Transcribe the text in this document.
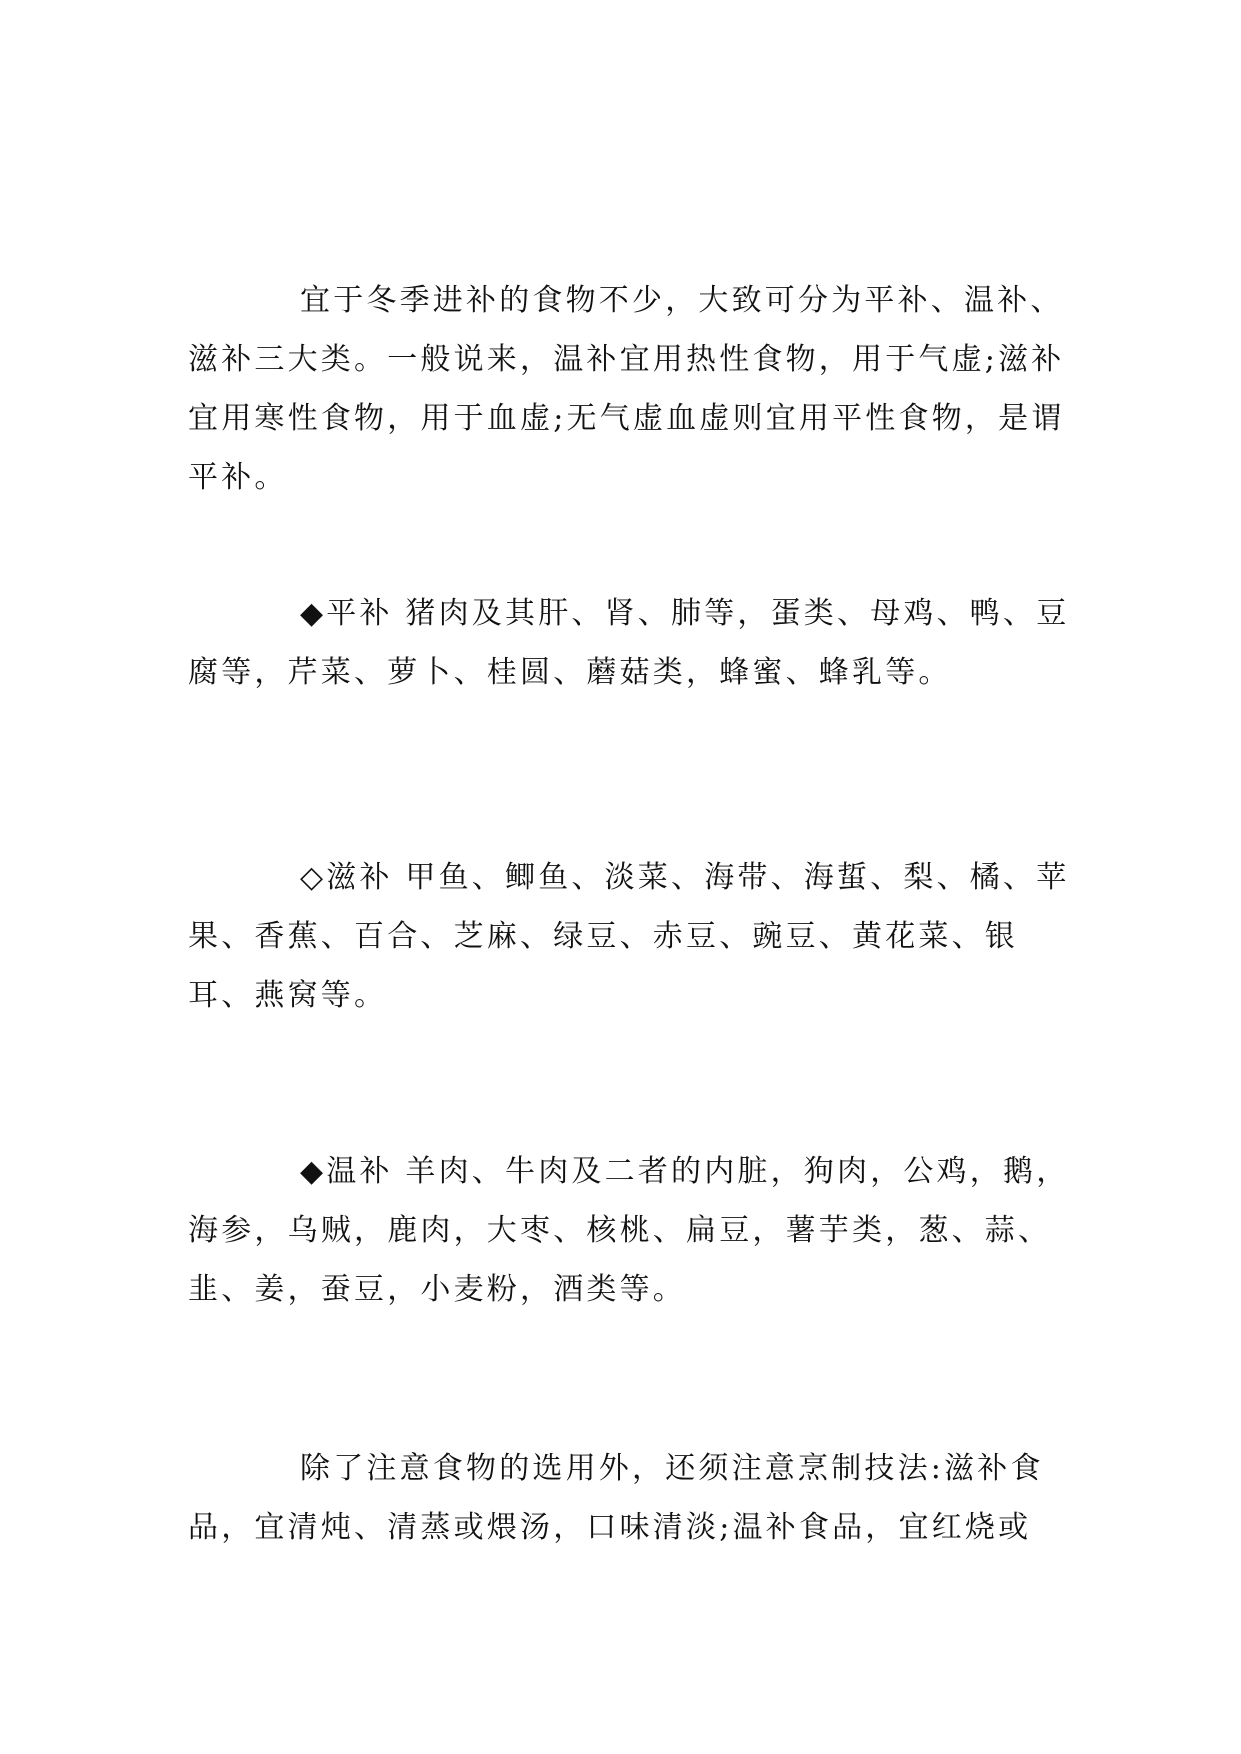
宜于冬季进补的食物不少，大致可分为平补、温补、滋补三大类。一般说来，温补宜用热性食物，用于气虚;滋补宜用寒性食物，用于血虚;无气虚血虚则宜用平性食物，是谓平补。

◆平补 猪肉及其肝、肾、肺等，蛋类、母鸡、鸭、豆腐等，芹菜、萝卜、桂圆、蘑菇类，蜂蜜、蜂乳等。

◇滋补 甲鱼、鲫鱼、淡菜、海带、海蜇、梨、橘、苹果、香蕉、百合、芝麻、绿豆、赤豆、豌豆、黄花菜、银耳、燕窝等。

◆温补 羊肉、牛肉及二者的内脏，狗肉，公鸡，鹅，海参，乌贼，鹿肉，大枣、核桃、扁豆，薯芋类，葱、蒜、韭、姜，蚕豆，小麦粉，酒类等。

除了注意食物的选用外，还须注意烹制技法:滋补食品，宜清炖、清蒸或煨汤，口味清淡;温补食品，宜红烧或
